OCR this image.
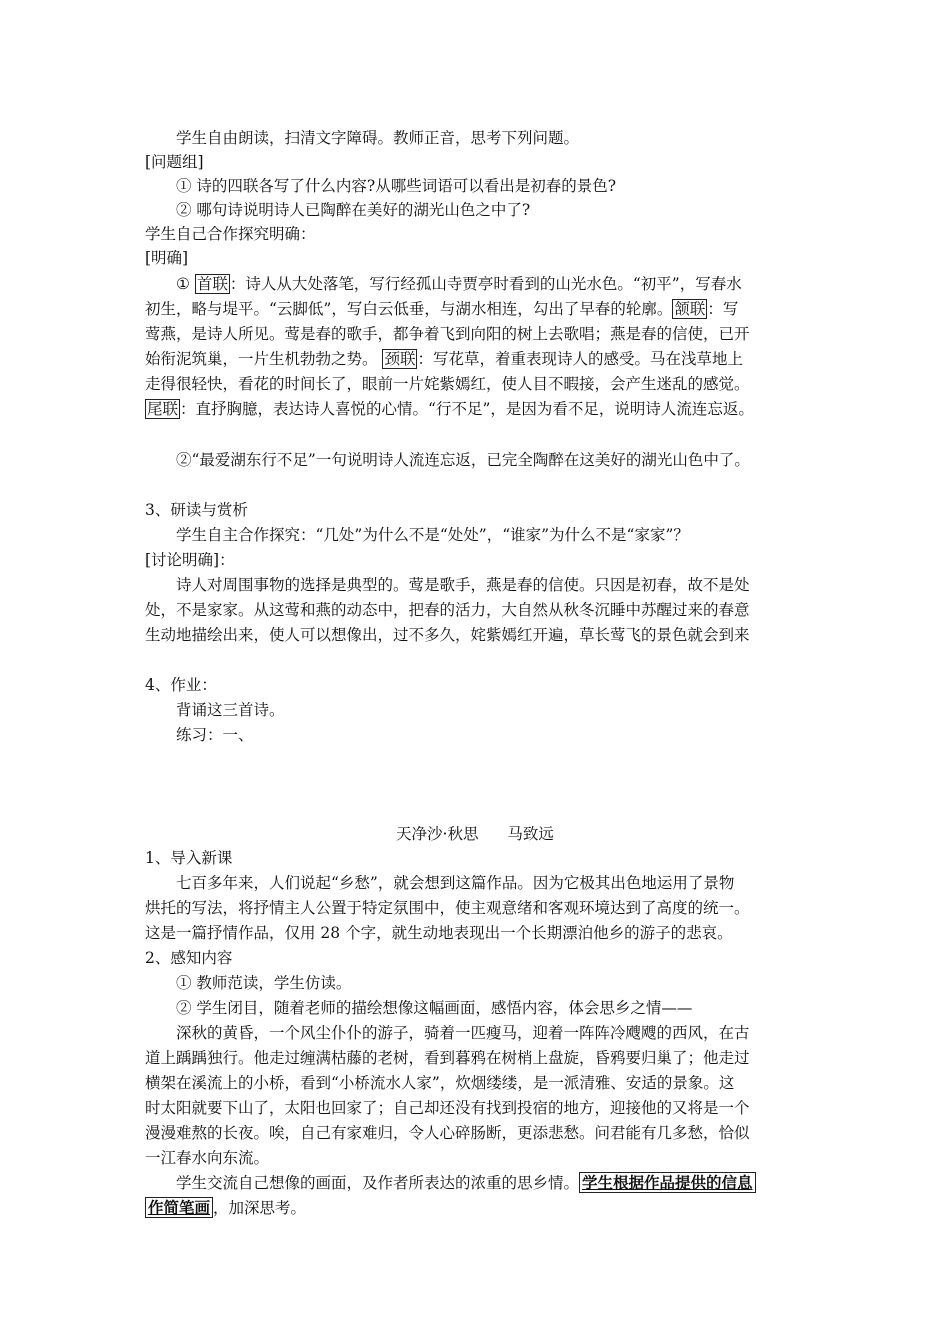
学生自由朗读，扫清文字障碍。教师正音，思考下列问题。
[问题组]
① 诗的四联各写了什么内容?从哪些词语可以看出是初春的景色?
② 哪句诗说明诗人已陶醉在美好的湖光山色之中了?
学生自己合作探究明确：
[明确]
① 首联 ：诗人从大处落笔，写行经孤山寺贾亭时看到的山光水色。“初平”，写春水
初生，略与堤平。“云脚低”，写白云低垂，与湖水相连，勾出了早春的轮廓。 颔联 ：写
莺燕，是诗人所见。莺是春的歌手，都争着飞到向阳的树上去歌唱；燕是春的信使，已开
始衔泥筑巢，一片生机勃勃之势。 颈联 ：写花草，着重表现诗人的感受。马在浅草地上
走得很轻快，看花的时间长了，眼前一片姹紫嫣红，使人目不暇接，会产生迷乱的感觉。
尾联 ：直抒胸臆，表达诗人喜悦的心情。“行不足”，是因为看不足，说明诗人流连忘返。
②“最爱湖东行不足”一句说明诗人流连忘返，已完全陶醉在这美好的湖光山色中了。
3、研读与赏析
学生自主合作探究：“几处”为什么不是“处处”，“谁家”为什么不是“家家”？
[讨论明确]：
诗人对周围事物的选择是典型的。莺是歌手，燕是春的信使。只因是初春，故不是处
处，不是家家。从这莺和燕的动态中，把春的活力，大自然从秋冬沉睡中苏醒过来的春意
生动地描绘出来，使人可以想像出，过不多久，姹紫嫣红开遍，草长莺飞的景色就会到来
4、作业：
背诵这三首诗。
练习：一、
天净沙·秋思 马致远
1、导入新课
七百多年来，人们说起“乡愁”，就会想到这篇作品。因为它极其出色地运用了景物
烘托的写法，将抒情主人公置于特定氛围中，使主观意绪和客观环境达到了高度的统一。
这是一篇抒情作品，仅用 28 个字，就生动地表现出一个长期漂泊他乡的游子的悲哀。
2、感知内容
① 教师范读，学生仿读。
② 学生闭目，随着老师的描绘想像这幅画面，感悟内容，体会思乡之情——
深秋的黄昏，一个风尘仆仆的游子，骑着一匹瘦马，迎着一阵阵冷飕飕的西风，在古
道上踽踽独行。他走过缠满枯藤的老树，看到暮鸦在树梢上盘旋，昏鸦要归巢了；他走过
横架在溪流上的小桥，看到“小桥流水人家”，炊烟缕缕，是一派清雅、安适的景象。这
时太阳就要下山了，太阳也回家了；自己却还没有找到投宿的地方，迎接他的又将是一个
漫漫难熬的长夜。唉，自己有家难归，令人心碎肠断，更添悲愁。问君能有几多愁，恰似
一江春水向东流。
学生交流自己想像的画面，及作者所表达的浓重的思乡情。 学生根据作品提供的信息
作简笔画 ，加深思考。
